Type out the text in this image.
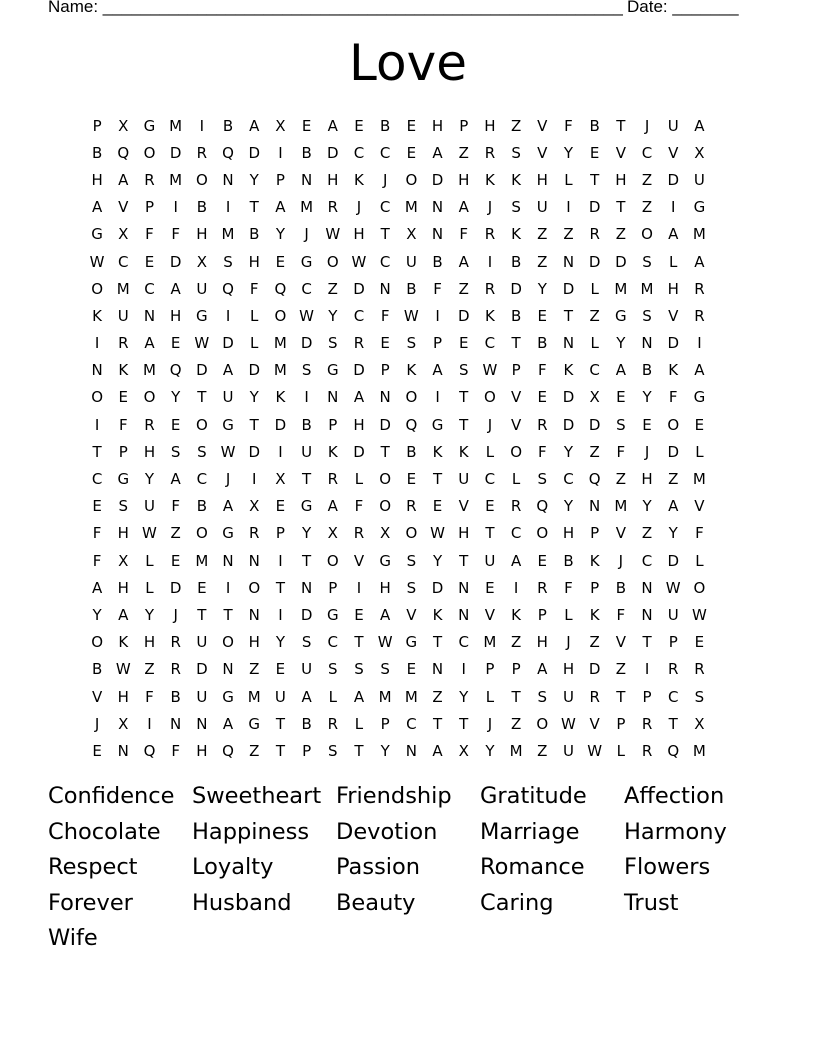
Name: _______________________________________________________ Date: _______
Love
P	X	G M	I	B	A	X	E	A	E	B	E	H	P	H	Z	V	F	B	T	J	U	A
B	Q O D	R	Q D	I	B	D	C	C	E	A	Z	R	S	V	Y	E	V	C	V	X
H	A	R M O N	Y	P	N H	K	J	O D H	K	K	H	L	T	H	Z	D U
A	V	P	I	B	I	T	A M R	J	C M N	A	J	S	U	I	D	T	Z	I	G
G	X	F	F	H M B	Y	J	W H	T	X	N	F	R	K	Z	Z	R	Z	O	A M
W C	E	D	X	S	H	E	G O W C	U	B	A	I	B	Z	N D D	S	L	A
O M C	A	U Q	F	Q	C	Z	D N	B	F	Z	R	D	Y	D	L	M M H	R
K	U	N H G	I	L	O W Y	C	F W	I	D	K	B	E	T	Z	G	S	V	R
I	R	A	E W D	L	M D	S	R	E	S	P	E	C	T	B	N	L	Y	N D	I
N	K M Q D	A	D M S	G D	P	K	A	S W P	F	K	C	A	B	K	A
O	E	O	Y	T	U	Y	K	I	N	A	N O	I	T	O	V	E	D	X	E	Y	F	G
I	F	R	E	O G	T	D	B	P	H D Q G	T	J	V	R	D D	S	E	O	E
T	P	H	S	S W D	I	U	K	D	T	B	K	K	L	O	F	Y	Z	F	J	D	L
C	G	Y	A	C	J	I	X	T	R	L	O	E	T	U	C	L	S	C	Q	Z	H	Z M
E	S	U	F	B	A	X	E	G	A	F	O	R	E	V	E	R	Q	Y	N M	Y	A	V
F	H W Z	O G	R	P	Y	X	R	X	O W H	T	C	O H	P	V	Z	Y	F
F	X	L	E M N N	I	T	O	V	G	S	Y	T	U	A	E	B	K	J	C	D	L
A	H	L	D	E	I	O	T	N	P	I	H	S	D N	E	I	R	F	P	B	N W O
Y	A	Y	J	T	T	N	I	D G	E	A	V	K	N	V	K	P	L	K	F	N	U W
O	K	H	R	U O H	Y	S	C	T W G	T	C M Z	H	J	Z	V	T	P	E
B W Z	R	D N	Z	E	U	S	S	S	E	N	I	P	P	A	H D	Z	I	R	R
V	H	F	B	U G M U	A	L	A M M Z	Y	L	T	S	U	R	T	P	C	S
J	X	I	N N	A	G	T	B	R	L	P	C	T	T	J	Z	O W V	P	R	T	X
E	N Q	F	H Q	Z	T	P	S	T	Y	N	A	X	Y	M Z	U W L	R	Q M
Confidence Sweetheart Friendship	Gratitude	Affection
Chocolate	Happiness	Devotion	Marriage	Harmony
Respect	Loyalty	Passion	Romance	Flowers
Forever	Husband	Beauty	Caring	Trust
Wife
